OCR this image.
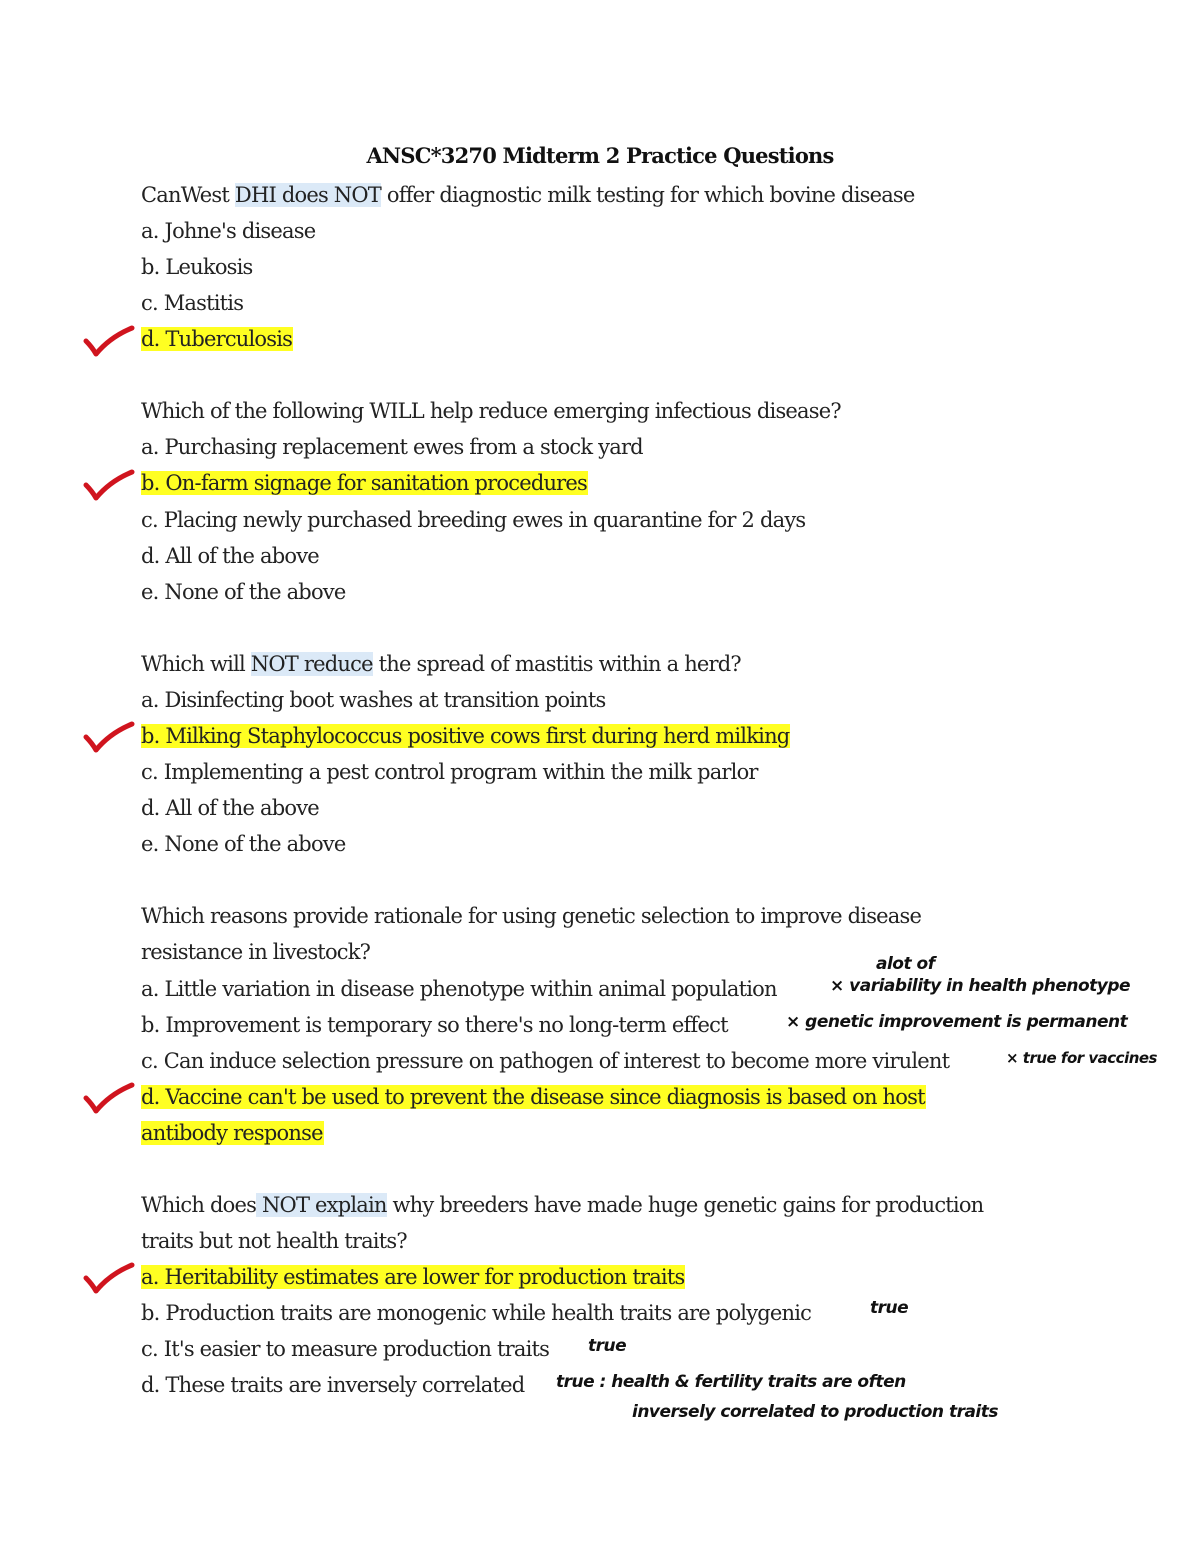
ANSC*3270 Midterm 2 Practice Questions
CanWest DHI does NOT offer diagnostic milk testing for which bovine disease
a. Johne's disease
b. Leukosis
c. Mastitis
d. Tuberculosis
Which of the following WILL help reduce emerging infectious disease?
a. Purchasing replacement ewes from a stock yard
b. On-farm signage for sanitation procedures
c. Placing newly purchased breeding ewes in quarantine for 2 days
d. All of the above
e. None of the above
Which will NOT reduce the spread of mastitis within a herd?
a. Disinfecting boot washes at transition points
b. Milking Staphylococcus positive cows first during herd milking
c. Implementing a pest control program within the milk parlor
d. All of the above
e. None of the above
Which reasons provide rationale for using genetic selection to improve disease
resistance in livestock?
a. Little variation in disease phenotype within animal population
b. Improvement is temporary so there's no long-term effect
c. Can induce selection pressure on pathogen of interest to become more virulent
d. Vaccine can't be used to prevent the disease since diagnosis is based on host
antibody response
alot of
× variability in health phenotype
× genetic improvement is permanent
× true for vaccines
Which does NOT explain why breeders have made huge genetic gains for production
traits but not health traits?
a. Heritability estimates are lower for production traits
b. Production traits are monogenic while health traits are polygenic
c. It's easier to measure production traits
d. These traits are inversely correlated
true
true
true : health & fertility traits are often
inversely correlated to production traits
